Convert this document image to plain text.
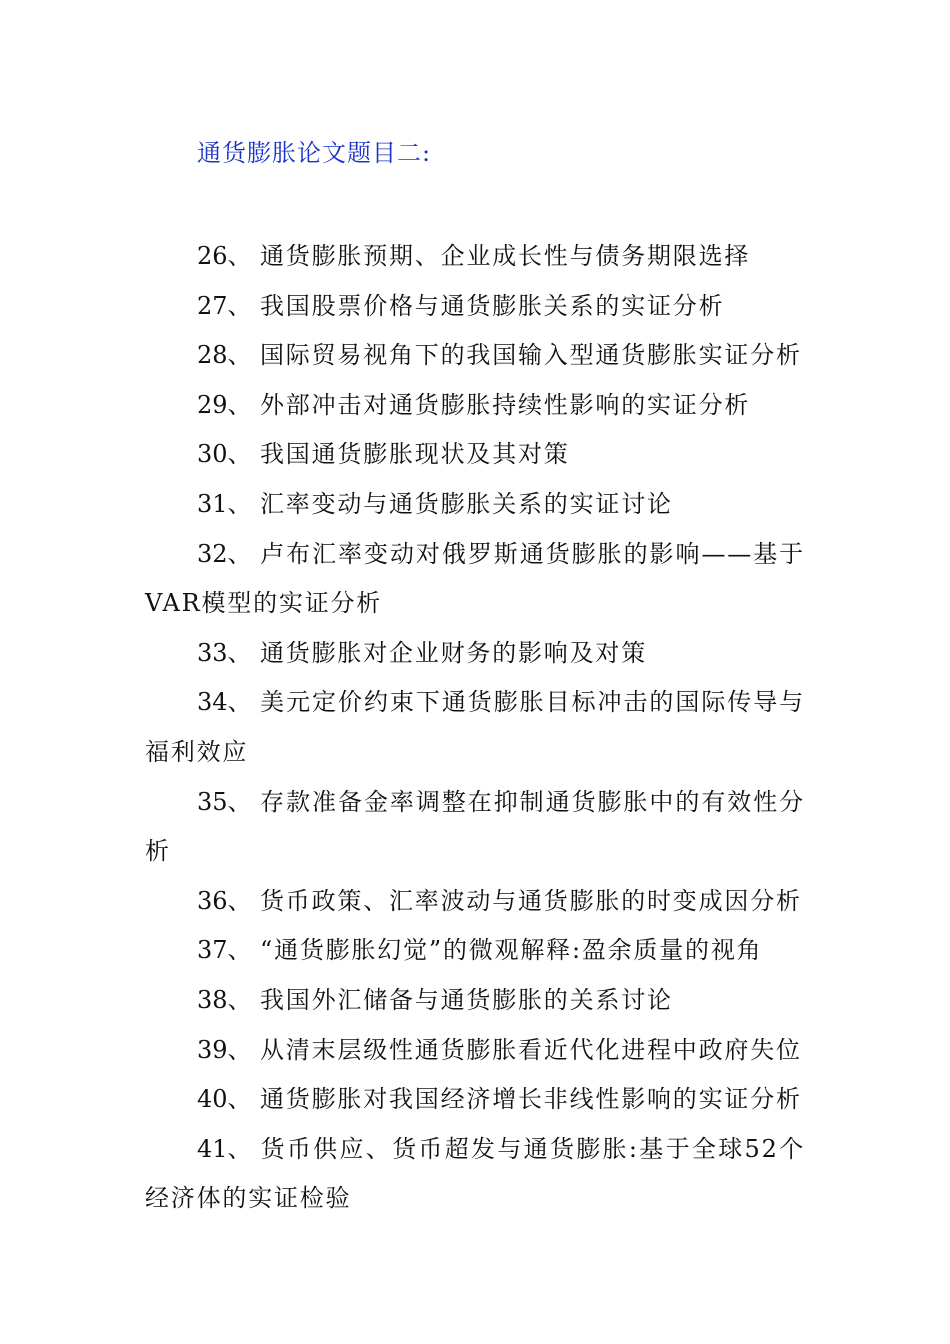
通货膨胀论文题目二:

26、 通货膨胀预期、企业成长性与债务期限选择

27、 我国股票价格与通货膨胀关系的实证分析

28、 国际贸易视角下的我国输入型通货膨胀实证分析

29、 外部冲击对通货膨胀持续性影响的实证分析

30、 我国通货膨胀现状及其对策

31、 汇率变动与通货膨胀关系的实证讨论

32、 卢布汇率变动对俄罗斯通货膨胀的影响——基于VAR模型的实证分析

33、 通货膨胀对企业财务的影响及对策

34、 美元定价约束下通货膨胀目标冲击的国际传导与福利效应

35、 存款准备金率调整在抑制通货膨胀中的有效性分析

36、 货币政策、汇率波动与通货膨胀的时变成因分析

37、 “通货膨胀幻觉”的微观解释:盈余质量的视角

38、 我国外汇储备与通货膨胀的关系讨论

39、 从清末层级性通货膨胀看近代化进程中政府失位

40、 通货膨胀对我国经济增长非线性影响的实证分析

41、 货币供应、货币超发与通货膨胀:基于全球52个经济体的实证检验
